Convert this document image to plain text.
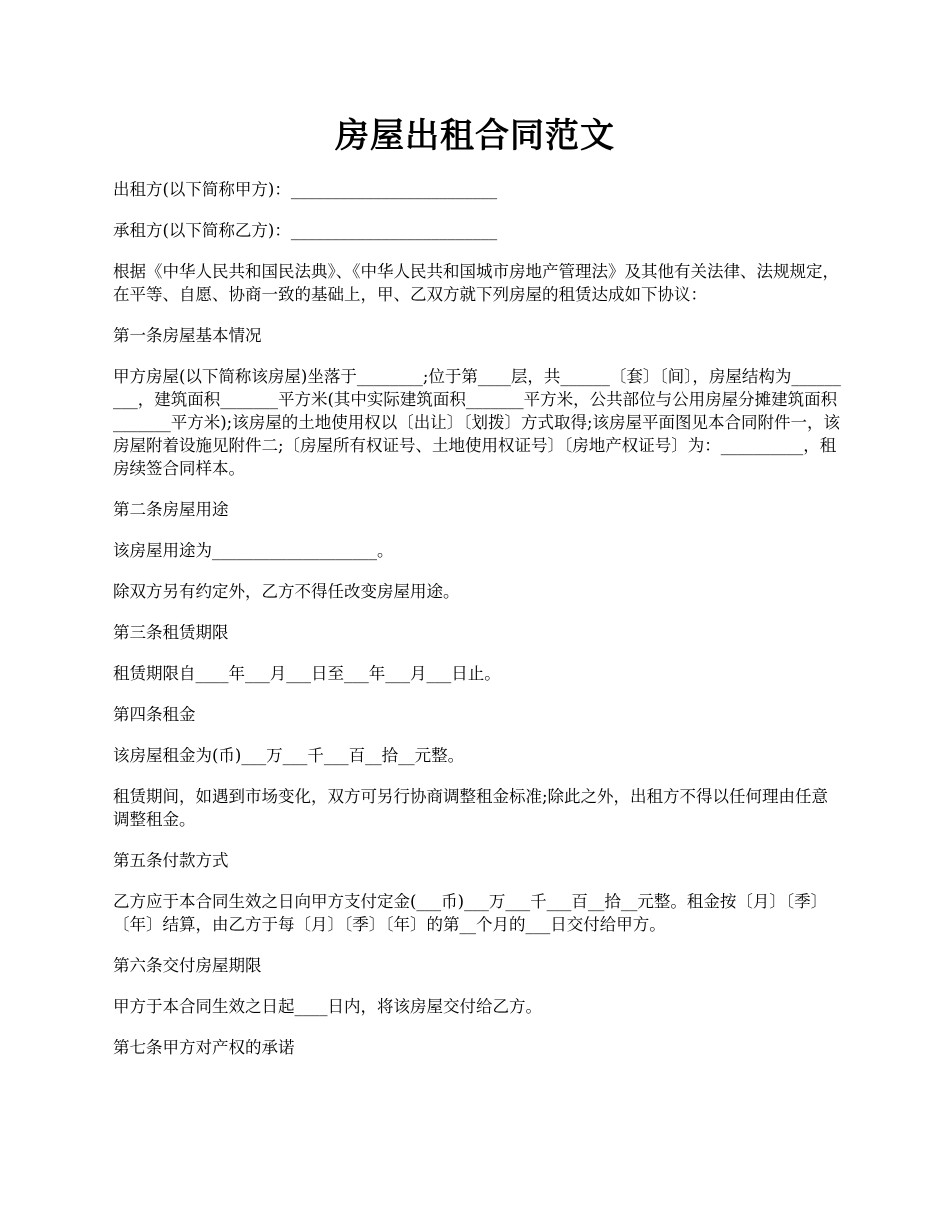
房屋出租合同范文

出租方(以下简称甲方)：_________________________

承租方(以下简称乙方)：_________________________

根据《中华人民共和国民法典》、《中华人民共和国城市房地产管理法》及其他有关法律、法规规定，在平等、自愿、协商一致的基础上，甲、乙双方就下列房屋的租赁达成如下协议：

第一条房屋基本情况

甲方房屋(以下简称该房屋)坐落于________;位于第____层，共______〔套〕〔间〕，房屋结构为_________，建筑面积_______平方米(其中实际建筑面积_______平方米，公共部位与公用房屋分摊建筑面积_______平方米);该房屋的土地使用权以〔出让〕〔划拨〕方式取得;该房屋平面图见本合同附件一，该房屋附着设施见附件二;〔房屋所有权证号、土地使用权证号〕〔房地产权证号〕为：__________，租房续签合同样本。

第二条房屋用途

该房屋用途为____________________。

除双方另有约定外，乙方不得任改变房屋用途。

第三条租赁期限

租赁期限自____年___月___日至___年___月___日止。

第四条租金

该房屋租金为(币)___万___千___百__拾__元整。

租赁期间，如遇到市场变化，双方可另行协商调整租金标准;除此之外，出租方不得以任何理由任意调整租金。

第五条付款方式

乙方应于本合同生效之日向甲方支付定金(___币)___万___千___百__拾__元整。租金按〔月〕〔季〕〔年〕结算，由乙方于每〔月〕〔季〕〔年〕的第__个月的___日交付给甲方。

第六条交付房屋期限

甲方于本合同生效之日起____日内，将该房屋交付给乙方。

第七条甲方对产权的承诺
